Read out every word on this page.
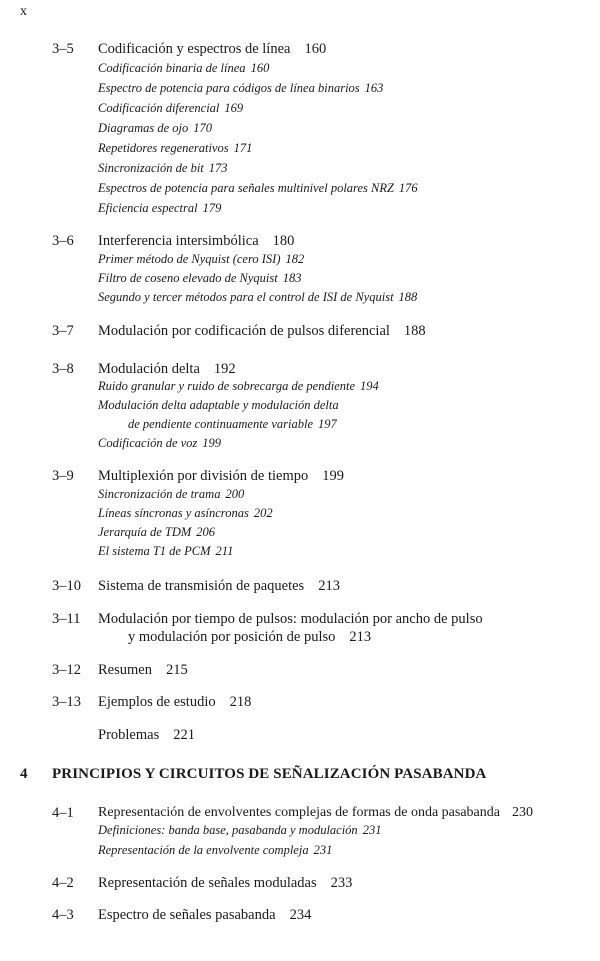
x
3–5 Codificación y espectros de línea 160
Codificación binaria de línea 160
Espectro de potencia para códigos de línea binarios 163
Codificación diferencial 169
Diagramas de ojo 170
Repetidores regenerativos 171
Sincronización de bit 173
Espectros de potencia para señales multinivel polares NRZ 176
Eficiencia espectral 179
3–6 Interferencia intersimbólica 180
Primer método de Nyquist (cero ISI) 182
Filtro de coseno elevado de Nyquist 183
Segundo y tercer métodos para el control de ISI de Nyquist 188
3–7 Modulación por codificación de pulsos diferencial 188
3–8 Modulación delta 192
Ruido granular y ruido de sobrecarga de pendiente 194
Modulación delta adaptable y modulación delta
de pendiente continuamente variable 197
Codificación de voz 199
3–9 Multiplexión por división de tiempo 199
Sincronización de trama 200
Líneas síncronas y asíncronas 202
Jerarquía de TDM 206
El sistema T1 de PCM 211
3–10 Sistema de transmisión de paquetes 213
3–11 Modulación por tiempo de pulsos: modulación por ancho de pulso
y modulación por posición de pulso 213
3–12 Resumen 215
3–13 Ejemplos de estudio 218
Problemas 221
4 PRINCIPIOS Y CIRCUITOS DE SEÑALIZACIÓN PASABANDA
4–1 Representación de envolventes complejas de formas de onda pasabanda 230
Definiciones: banda base, pasabanda y modulación 231
Representación de la envolvente compleja 231
4–2 Representación de señales moduladas 233
4–3 Espectro de señales pasabanda 234
